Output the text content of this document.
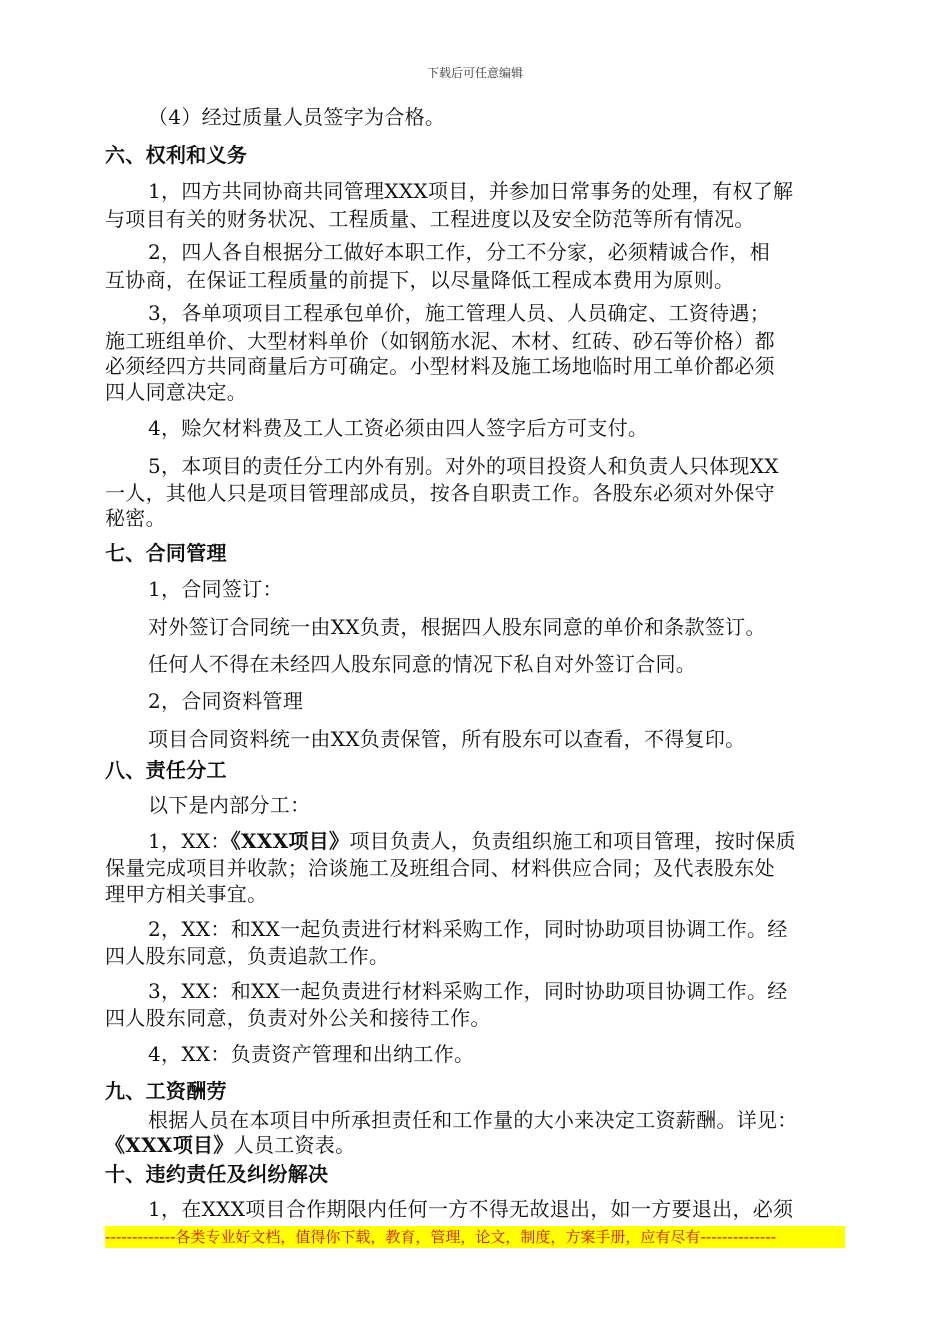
下载后可任意编辑
（4）经过质量人员签字为合格。
六、权利和义务
1，四方共同协商共同管理XXX项目，并参加日常事务的处理，有权了解
与项目有关的财务状况、工程质量、工程进度以及安全防范等所有情况。
2，四人各自根据分工做好本职工作，分工不分家，必须精诚合作，相
互协商，在保证工程质量的前提下，以尽量降低工程成本费用为原则。
3，各单项项目工程承包单价，施工管理人员、人员确定、工资待遇；
施工班组单价、大型材料单价（如钢筋水泥、木材、红砖、砂石等价格）都
必须经四方共同商量后方可确定。小型材料及施工场地临时用工单价都必须
四人同意决定。
4，赊欠材料费及工人工资必须由四人签字后方可支付。
5，本项目的责任分工内外有别。对外的项目投资人和负责人只体现XX
一人，其他人只是项目管理部成员，按各自职责工作。各股东必须对外保守
秘密。
七、合同管理
1，合同签订：
对外签订合同统一由XX负责，根据四人股东同意的单价和条款签订。
任何人不得在未经四人股东同意的情况下私自对外签订合同。
2，合同资料管理
项目合同资料统一由XX负责保管，所有股东可以查看，不得复印。
八、责任分工
以下是内部分工：
1，XX：《XXX项目》项目负责人，负责组织施工和项目管理，按时保质
保量完成项目并收款；洽谈施工及班组合同、材料供应合同；及代表股东处
理甲方相关事宜。
2，XX：和XX一起负责进行材料采购工作，同时协助项目协调工作。经
四人股东同意，负责追款工作。
3，XX：和XX一起负责进行材料采购工作，同时协助项目协调工作。经
四人股东同意，负责对外公关和接待工作。
4，XX：负责资产管理和出纳工作。
九、工资酬劳
根据人员在本项目中所承担责任和工作量的大小来决定工资薪酬。详见：
《XXX项目》人员工资表。
十、违约责任及纠纷解决
1，在XXX项目合作期限内任何一方不得无故退出，如一方要退出，必须
-------------各类专业好文档，值得你下载，教育，管理，论文，制度，方案手册，应有尽有--------------
